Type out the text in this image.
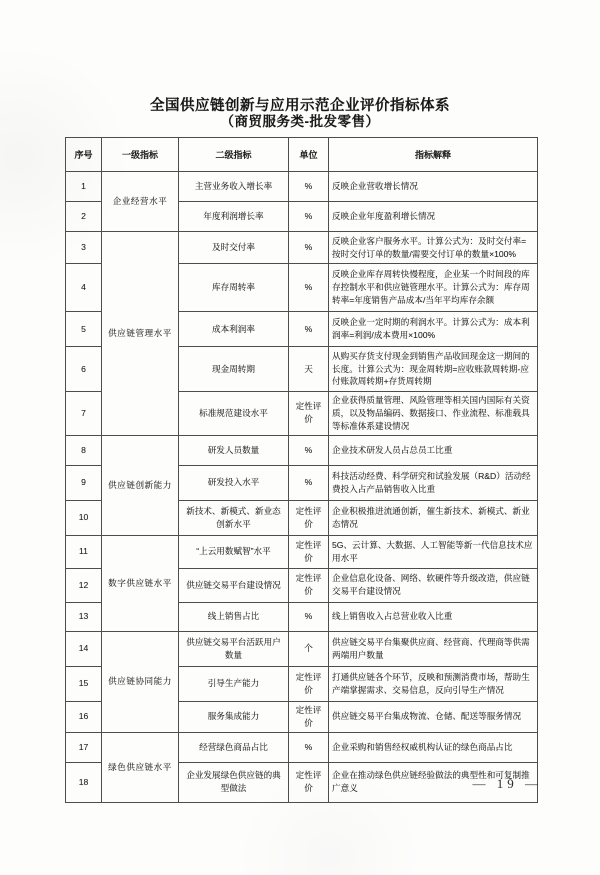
全国供应链创新与应用示范企业评价指标体系
（商贸服务类-批发零售）
序号	一级指标	二级指标	单位	指标解释
1	企业经营水平	主营业务收入增长率	%	反映企业营收增长情况
2		年度利润增长率	%	反映企业年度盈利增长情况
3	供应链管理水平	及时交付率	%	反映企业客户服务水平。计算公式为：及时交付率=按时交付订单的数量/需要交付订单的数量×100%
4		库存周转率	%	反映企业库存周转快慢程度，企业某一个时间段的库存控制水平和供应链管理水平。计算公式为：库存周转率=年度销售产品成本/当年平均库存余额
5		成本利润率	%	反映企业一定时期的利润水平。计算公式为：成本利润率=利润/成本费用×100%
6		现金周转期	天	从购买存货支付现金到销售产品收回现金这一期间的长度。计算公式为：现金周转期=应收账款周转期-应付账款周转期+存货周转期
7		标准规范建设水平	定性评价	企业获得质量管理、风险管理等相关国内国际有关资质，以及物品编码、数据接口、作业流程、标准载具等标准体系建设情况
8	供应链创新能力	研发人员数量	%	企业技术研发人员占总员工比重
9		研发投入水平	%	科技活动经费、科学研究和试验发展（R&D）活动经费投入占产品销售收入比重
10		新技术、新模式、新业态创新水平	定性评价	企业积极推进流通创新，催生新技术、新模式、新业态情况
11	数字供应链水平	“上云用数赋智”水平	定性评价	5G、云计算、大数据、人工智能等新一代信息技术应用水平
12		供应链交易平台建设情况	定性评价	企业信息化设备、网络、软硬件等升级改造，供应链交易平台建设情况
13		线上销售占比	%	线上销售收入占总营业收入比重
14	供应链协同能力	供应链交易平台活跃用户数量	个	供应链交易平台集聚供应商、经营商、代理商等供需两端用户数量
15		引导生产能力	定性评价	打通供应链各个环节，反映和预测消费市场，帮助生产端掌握需求、交易信息，反向引导生产情况
16		服务集成能力	定性评价	供应链交易平台集成物流、仓储、配送等服务情况
17	绿色供应链水平	经营绿色商品占比	%	企业采购和销售经权威机构认证的绿色商品占比
18		企业发展绿色供应链的典型做法	定性评价	企业在推动绿色供应链经验做法的典型性和可复制推广意义	— 19 —
